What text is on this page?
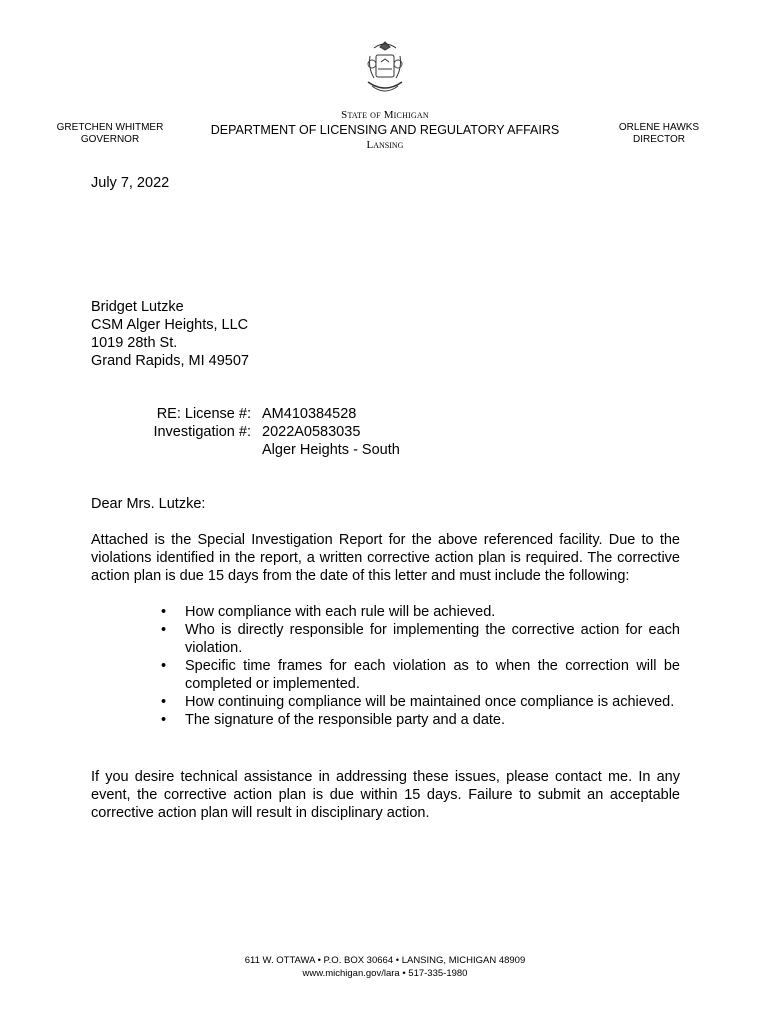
GRETCHEN WHITMER
GOVERNOR
State of Michigan
DEPARTMENT OF LICENSING AND REGULATORY AFFAIRS
Lansing
ORLENE HAWKS
DIRECTOR
July 7, 2022
Bridget Lutzke
CSM Alger Heights, LLC
1019 28th St.
Grand Rapids, MI 49507
RE: License #: AM410384528
Investigation #: 2022A0583035
Alger Heights - South
Dear Mrs. Lutzke:
Attached is the Special Investigation Report for the above referenced facility. Due to the violations identified in the report, a written corrective action plan is required. The corrective action plan is due 15 days from the date of this letter and must include the following:
• How compliance with each rule will be achieved.
• Who is directly responsible for implementing the corrective action for each violation.
• Specific time frames for each violation as to when the correction will be completed or implemented.
• How continuing compliance will be maintained once compliance is achieved.
• The signature of the responsible party and a date.
If you desire technical assistance in addressing these issues, please contact me. In any event, the corrective action plan is due within 15 days. Failure to submit an acceptable corrective action plan will result in disciplinary action.
611 W. OTTAWA • P.O. BOX 30664 • LANSING, MICHIGAN 48909
www.michigan.gov/lara • 517-335-1980
